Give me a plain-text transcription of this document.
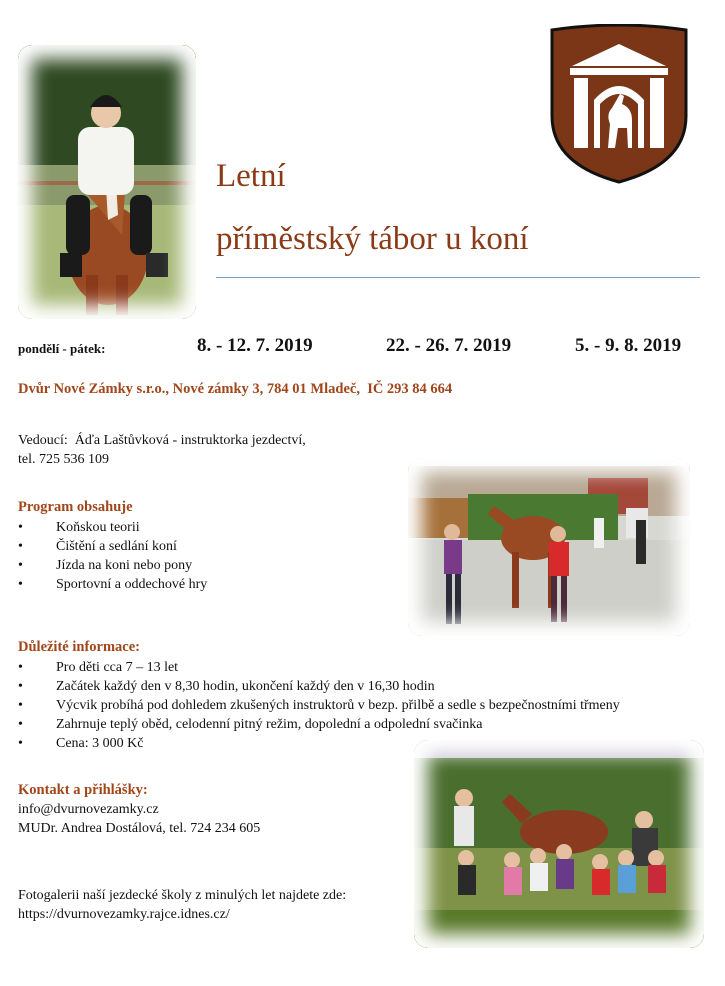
Letní
příměstský tábor u koní
pondělí - pátek:	8. - 12. 7. 2019	22. - 26. 7. 2019	5. - 9. 8. 2019
Dvůr Nové Zámky s.r.o., Nové zámky 3, 784 01 Mladeč,  IČ 293 84 664
Vedoucí:  Áďa Laštůvková - instruktorka jezdectví,
tel. 725 536 109
Program obsahuje
• Koňskou teorii
• Čištění a sedlání koní
• Jízda na koni nebo pony
• Sportovní a oddechové hry
Důležité informace:
• Pro děti cca 7 – 13 let
• Začátek každý den v 8,30 hodin, ukončení každý den v 16,30 hodin
• Výcvik probíhá pod dohledem zkušených instruktorů v bezp. přilbě a sedle s bezpečnostními třmeny
• Zahrnuje teplý oběd, celodenní pitný režim, dopolední a odpolední svačinka
• Cena: 3 000 Kč
Kontakt a přihlášky:
info@dvurnovezamky.cz
MUDr. Andrea Dostálová, tel. 724 234 605
Fotogalerii naší jezdecké školy z minulých let najdete zde:
https://dvurnovezamky.rajce.idnes.cz/
